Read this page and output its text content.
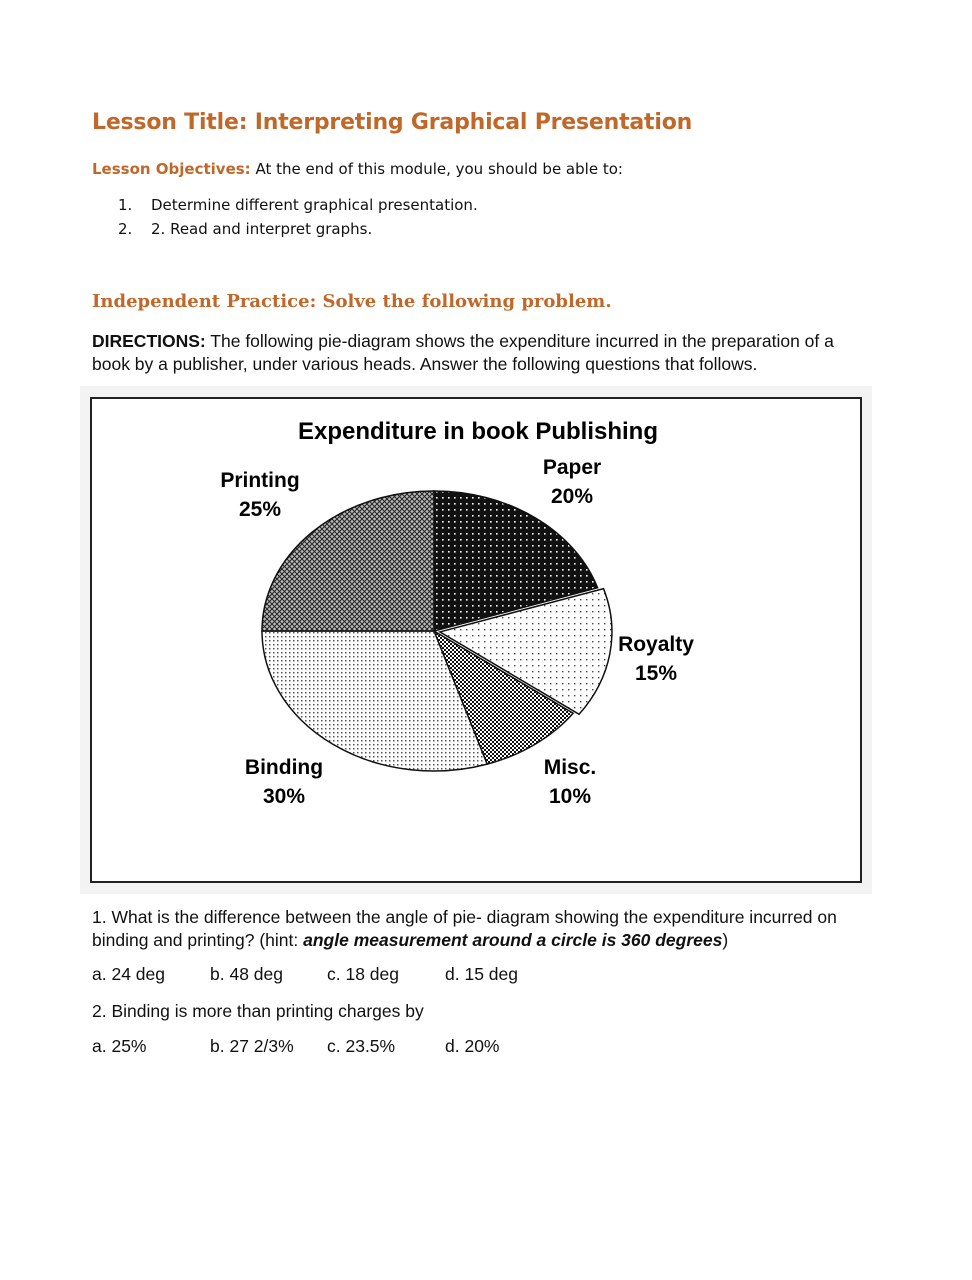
Lesson Title: Interpreting Graphical Presentation
Lesson Objectives: At the end of this module, you should be able to:
1.	Determine different graphical presentation.
2.	2. Read and interpret graphs.
Independent Practice: Solve the following problem.
DIRECTIONS: The following pie-diagram shows the expenditure incurred in the preparation of a book by a publisher, under various heads. Answer the following questions that follows.
Expenditure in book Publishing
Paper
20%
Royalty
15%
Misc.
10%
Binding
30%
Printing
25%
1. What is the difference between the angle of pie- diagram showing the expenditure incurred on binding and printing? (hint: angle measurement around a circle is 360 degrees)
a. 24 deg	b. 48 deg	c. 18 deg	d. 15 deg
2. Binding is more than printing charges by
a. 25%	b. 27 2/3% c. 23.5%	d. 20%
